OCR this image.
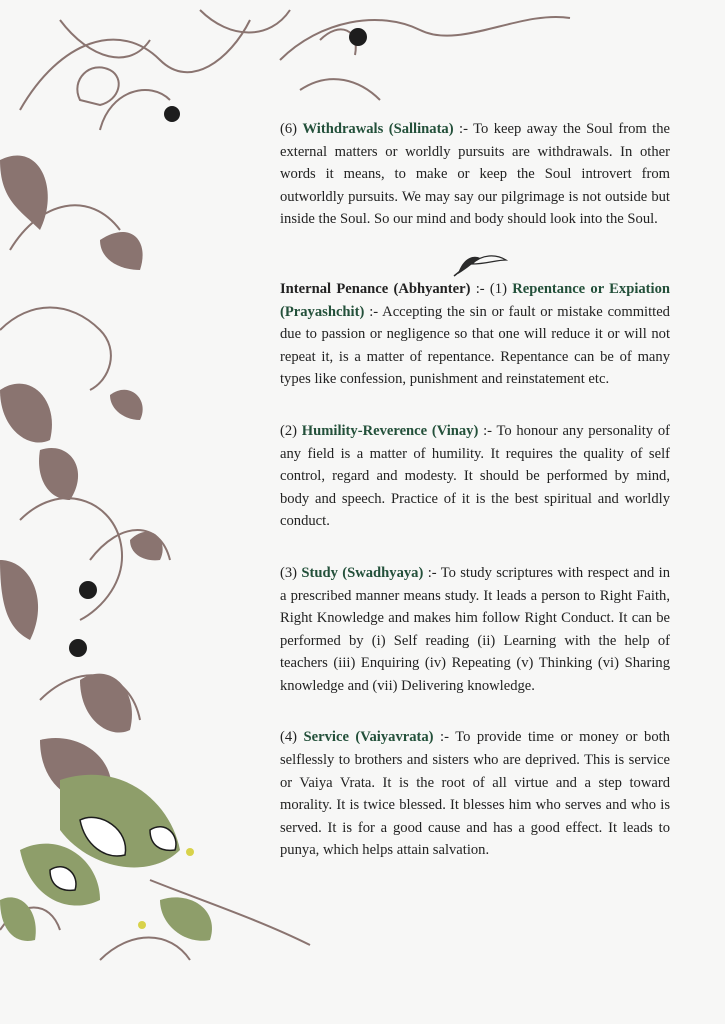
(6) Withdrawals (Sallinata) :- To keep away the Soul from the external matters or worldly pursuits are withdrawals. In other words it means, to make or keep the Soul introvert from outworldly pursuits. We may say our pilgrimage is not outside but inside the Soul. So our mind and body should look into the Soul.

Internal Penance (Abhyanter) :- (1) Repentance or Expiation (Prayashchit) :- Accepting the sin or fault or mistake committed due to passion or negligence so that one will reduce it or will not repeat it, is a matter of repentance. Repentance can be of many types like confession, punishment and reinstatement etc.

(2) Humility-Reverence (Vinay) :- To honour any personality of any field is a matter of humility. It requires the quality of self control, regard and modesty. It should be performed by mind, body and speech. Practice of it is the best spiritual and worldly conduct.

(3) Study (Swadhyaya) :- To study scriptures with respect and in a prescribed manner means study. It leads a person to Right Faith, Right Knowledge and makes him follow Right Conduct. It can be performed by (i) Self reading (ii) Learning with the help of teachers (iii) Enquiring (iv) Repeating (v) Thinking (vi) Sharing knowledge and (vii) Delivering knowledge.

(4) Service (Vaiyavrata) :- To provide time or money or both selflessly to brothers and sisters who are deprived. This is service or Vaiya Vrata. It is the root of all virtue and a step toward morality. It is twice blessed. It blesses him who serves and who is served. It is for a good cause and has a good effect. It leads to punya, which helps attain salvation.
